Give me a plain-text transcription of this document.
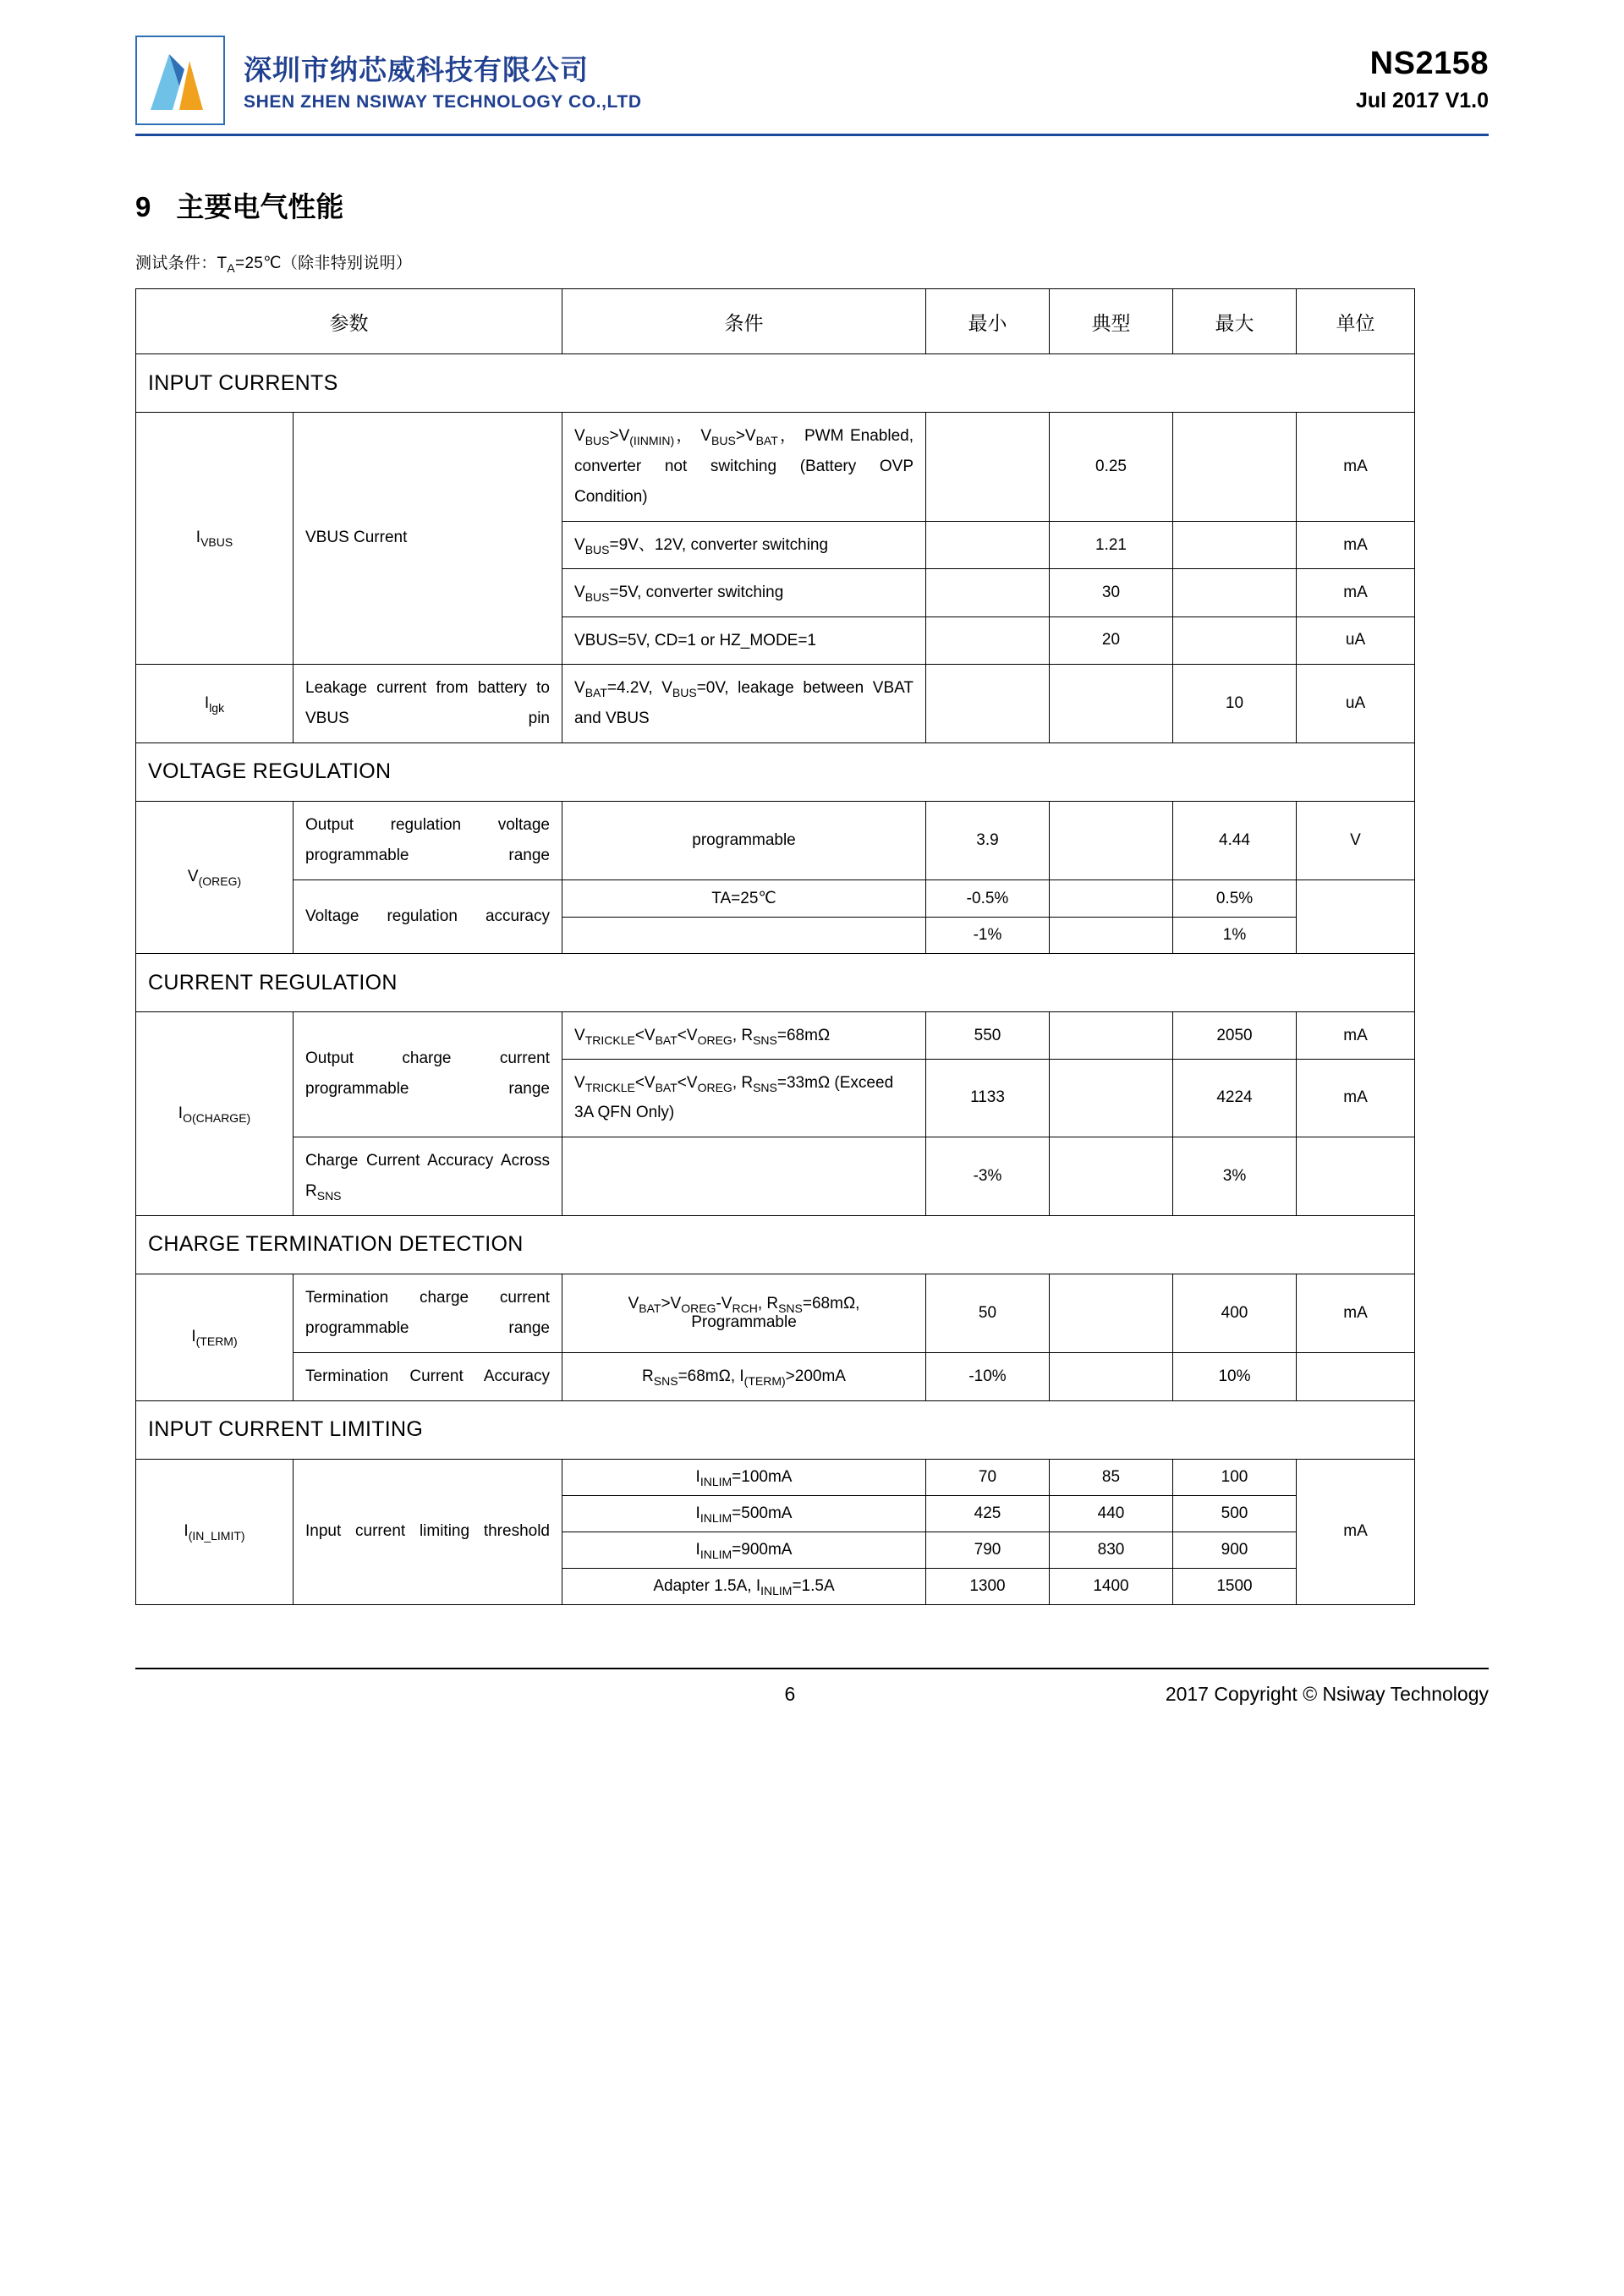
深圳市纳芯威科技有限公司
SHEN ZHEN NSIWAY TECHNOLOGY CO.,LTD
NS2158
Jul 2017 V1.0
9 主要电气性能
测试条件：$T_A=25℃$（除非特别说明）
参数		条件	最小	典型	最大	单位
INPUT CURRENTS						
$I_{VBUS}$	VBUS Current	$V_{BUS}>V_{(IINMIN)}$， $V_{BUS}>V_{BAT}$， PWM Enabled, converter not switching (Battery OVP Condition)		0.25		mA
		$V_{BUS}=9V$、12V, converter switching		1.21		mA
		$V_{BUS}=5V$, converter switching		30		mA
		VBUS=5V, CD=1 or HZ_MODE=1		20		uA
$I_{lgk}$	Leakage current from battery to VBUS pin	$V_{BAT}=4.2V$, $V_{BUS}=0V$, leakage between VBAT and VBUS			10	uA
VOLTAGE REGULATION						
$V_{(OREG)}$	Output regulation voltage programmable range	programmable	3.9		4.44	V
	Voltage regulation accuracy	TA=25℃	-0.5%		0.5%	
			-1%		1%	
CURRENT REGULATION						
$I_{O(CHARGE)}$	Output charge current programmable range	$V_{TRICKLE}<V_{BAT}<V_{OREG}$, $R_{SNS}=68m\Omega$	550		2050	mA
		$V_{TRICKLE}<V_{BAT}<V_{OREG}$, $R_{SNS}=33m\Omega$ (Exceed 3A QFN Only)	1133		4224	mA
	Charge Current Accuracy Across $R_{SNS}$		-3%		3%	
CHARGE TERMINATION DETECTION						
$I_{(TERM)}$	Termination charge current programmable range	$V_{BAT}>V_{OREG}-V_{RCH}$, $R_{SNS}=68m\Omega$, Programmable	50		400	mA
	Termination Current Accuracy	$R_{SNS}=68m\Omega$, $I_{(TERM)}>200mA$	-10%		10%	
INPUT CURRENT LIMITING						
$I_{(IN\_LIMIT)}$	Input current limiting threshold	$I_{INLIM}=100mA$	70	85	100	mA
		$I_{INLIM}=500mA$	425	440	500	
		$I_{INLIM}=900mA$	790	830	900	
		Adapter 1.5A, $I_{INLIM}=1.5A$	1300	1400	1500	
6	2017 Copyright © Nsiway Technology
